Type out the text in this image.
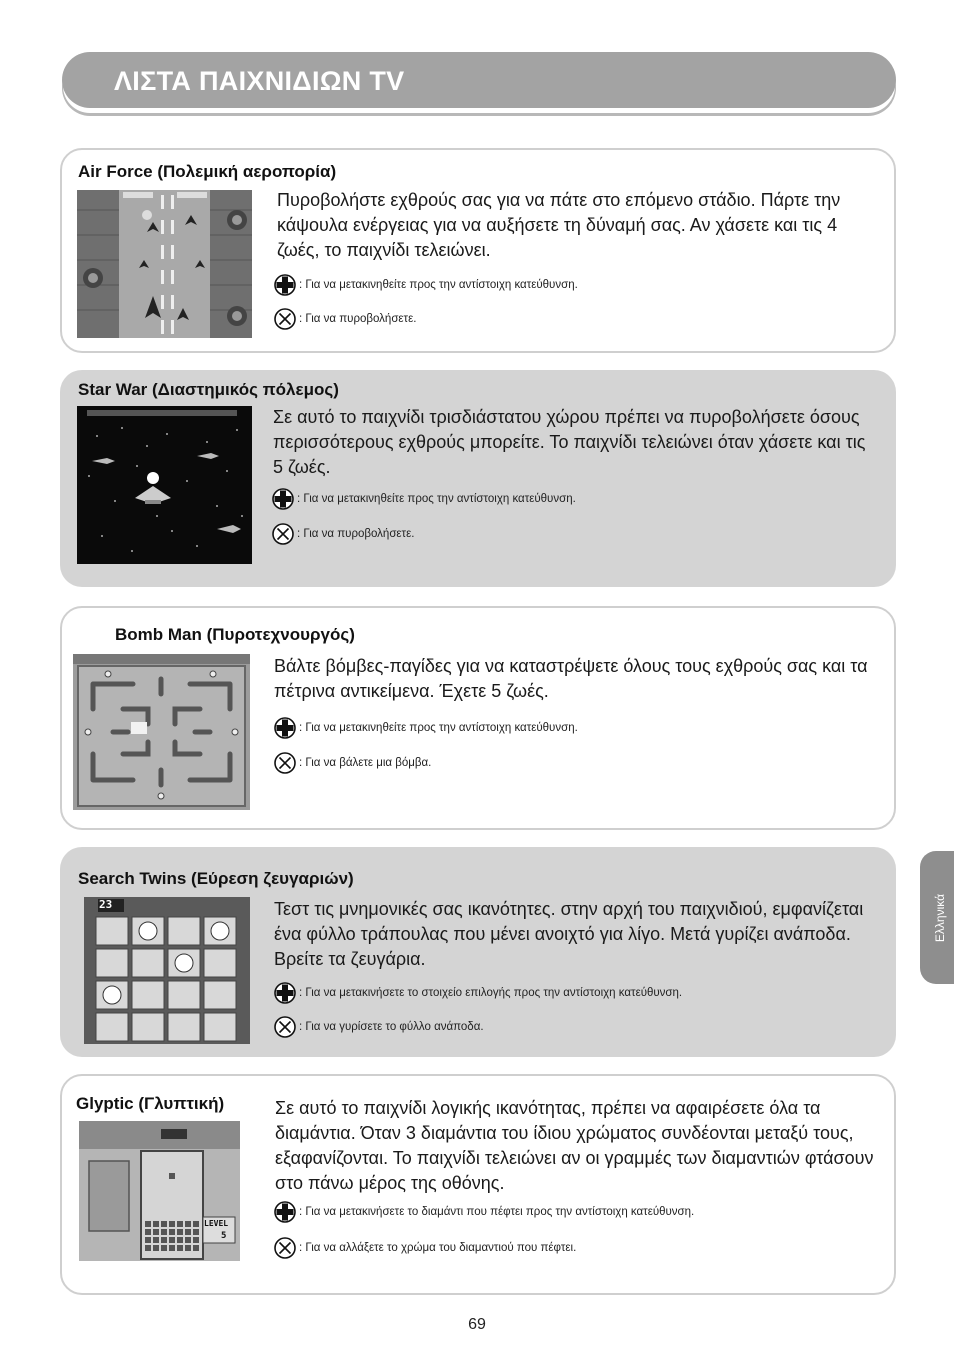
ΛΙΣΤΑ ΠΑΙΧΝΙΔΙΩΝ TV
Air Force (Πολεμική αεροπορία)
Πυροβολήστε εχθρούς σας για να πάτε στο επόμενο στάδιο. Πάρτε την κάψουλα ενέργειας για να αυξήσετε τη δύναμή σας. Αν χάσετε και τις 4 ζωές, το παιχνίδι τελειώνει.
: Για να μετακινηθείτε προς την αντίστοιχη κατεύθυνση.
: Για να πυροβολήσετε.
Star War (Διαστημικός πόλεμος)
Σε αυτό το παιχνίδι τρισδιάστατου χώρου πρέπει να πυροβολήσετε όσους περισσότερους εχθρούς μπορείτε. Το παιχνίδι τελειώνει όταν χάσετε και τις 5 ζωές.
: Για να μετακινηθείτε προς την αντίστοιχη κατεύθυνση.
: Για να πυροβολήσετε.
Bomb Man (Πυροτεχνουργός)
Βάλτε βόμβες-παγίδες για να καταστρέψετε όλους τους εχθρούς σας και τα πέτρινα αντικείμενα. Έχετε 5 ζωές.
: Για να μετακινηθείτε προς την αντίστοιχη κατεύθυνση.
: Για να βάλετε μια βόμβα.
Search Twins (Εύρεση ζευγαριών)
23	Τεστ τις μνημονικές σας ικανότητες. στην αρχή του παιχνιδιού, εμφανίζεται ένα φύλλο τράπουλας που μένει ανοιχτό για λίγο. Μετά γυρίζει ανάποδα. Βρείτε τα ζευγάρια.
: Για να μετακινήσετε το στοιχείο επιλογής προς την αντίστοιχη κατεύθυνση.
: Για να γυρίσετε το φύλλο ανάποδα.
Glyptic (Γλυπτική)
LEVEL
5
Σε αυτό το παιχνίδι λογικής ικανότητας, πρέπει να αφαιρέσετε όλα τα διαμάντια. Όταν 3 διαμάντια του ίδιου χρώματος συνδέονται μεταξύ τους, εξαφανίζονται. Το παιχνίδι τελειώνει αν οι γραμμές των διαμαντιών φτάσουν στο πάνω μέρος της οθόνης.
: Για να μετακινήσετε το διαμάντι που πέφτει προς την αντίστοιχη κατεύθυνση.
: Για να αλλάξετε το χρώμα του διαμαντιού που πέφτει.
Ελληνικά
69
